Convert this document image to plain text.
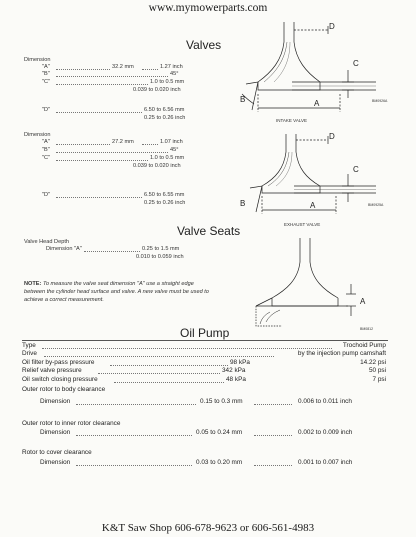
www.mymowerparts.com
Valves
Dimension
"A"	32.2 mm	1.27 inch
"B"	45°
"C"	1.0 to 0.5 mm
0.039 to 0.020 inch
"D"	6.50 to 6.56 mm
0.25 to 0.26 inch
Dimension
"A"	27.2 mm	1.07 inch
"B"	45°
"C"	1.0 to 0.5 mm
0.039 to 0.020 inch
"D"	6.50 to 6.55 mm
0.25 to 0.26 inch
D
C
A
B	BM0926A
INTAKE VALVE
D
C
A
B	BM0925A
EXHAUST VALVE
Valve Seats
Valve Head Depth
Dimension "A"	0.25 to 1.5 mm
0.010 to 0.059 inch
NOTE: To measure the valve seat dimension "A" use a straight edge between the cylinder head surface and valve. A new valve must be used to achieve a correct measurement.	A
BM0812
Oil Pump
Type	Trochoid Pump
Drive	by the injection pump camshaft
Oil filter by-pass pressure	98 kPa	14.22 psi
Relief valve pressure	342 kPa	50 psi
Oil switch closing pressure	48 kPa	7 psi
Outer rotor to body clearance
Dimension	0.15 to 0.3 mm	0.006 to 0.011 inch
Outer rotor to inner rotor clearance
Dimension	0.05 to 0.24 mm	0.002 to 0.009 inch
Rotor to cover clearance
Dimension	0.03 to 0.20 mm	0.001 to 0.007 inch
K&T Saw Shop 606-678-9623 or 606-561-4983
